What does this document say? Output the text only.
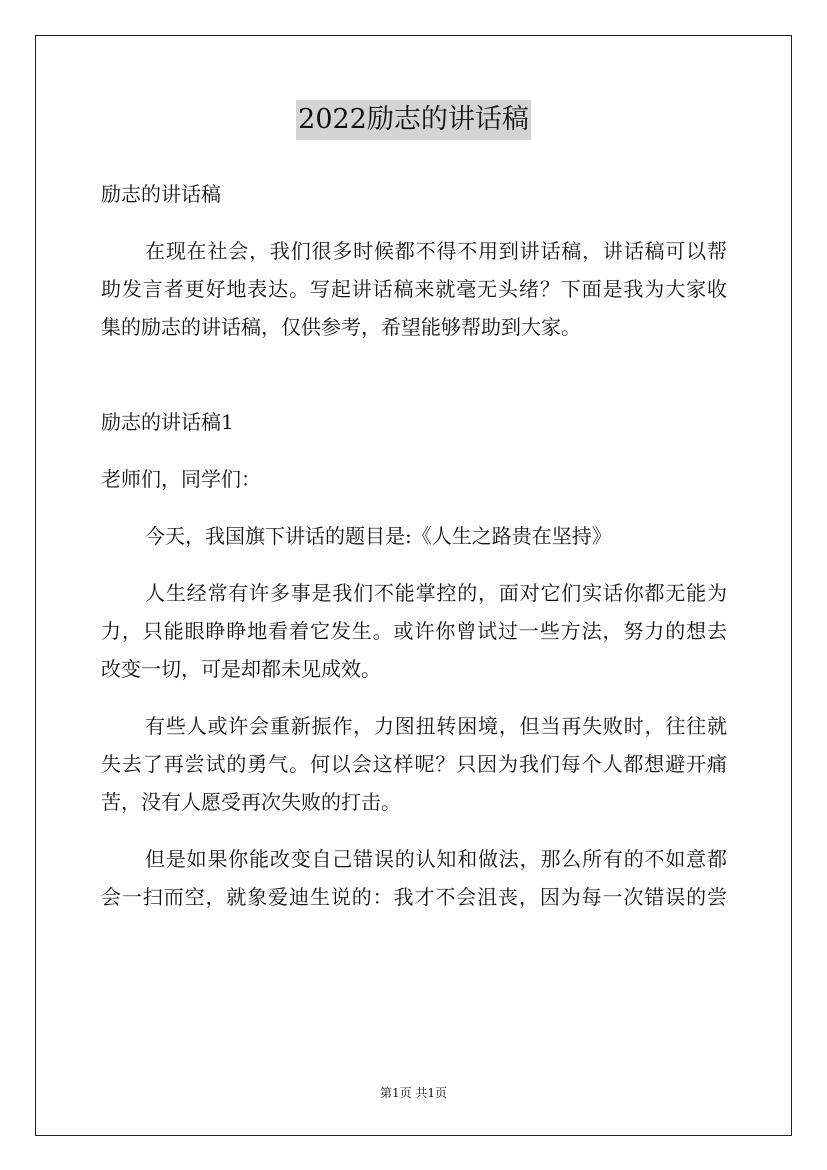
2022励志的讲话稿

励志的讲话稿

在现在社会，我们很多时候都不得不用到讲话稿，讲话稿可以帮

助发言者更好地表达。写起讲话稿来就毫无头绪？下面是我为大家收

集的励志的讲话稿，仅供参考，希望能够帮助到大家。

励志的讲话稿1

老师们，同学们：

今天，我国旗下讲话的题目是:《人生之路贵在坚持》

人生经常有许多事是我们不能掌控的，面对它们实话你都无能为

力，只能眼睁睁地看着它发生。或许你曾试过一些方法，努力的想去

改变一切，可是却都未见成效。

有些人或许会重新振作，力图扭转困境，但当再失败时，往往就

失去了再尝试的勇气。何以会这样呢？只因为我们每个人都想避开痛

苦，没有人愿受再次失败的打击。

但是如果你能改变自己错误的认知和做法，那么所有的不如意都

会一扫而空，就象爱迪生说的：我才不会沮丧，因为每一次错误的尝

第1页 共1页
